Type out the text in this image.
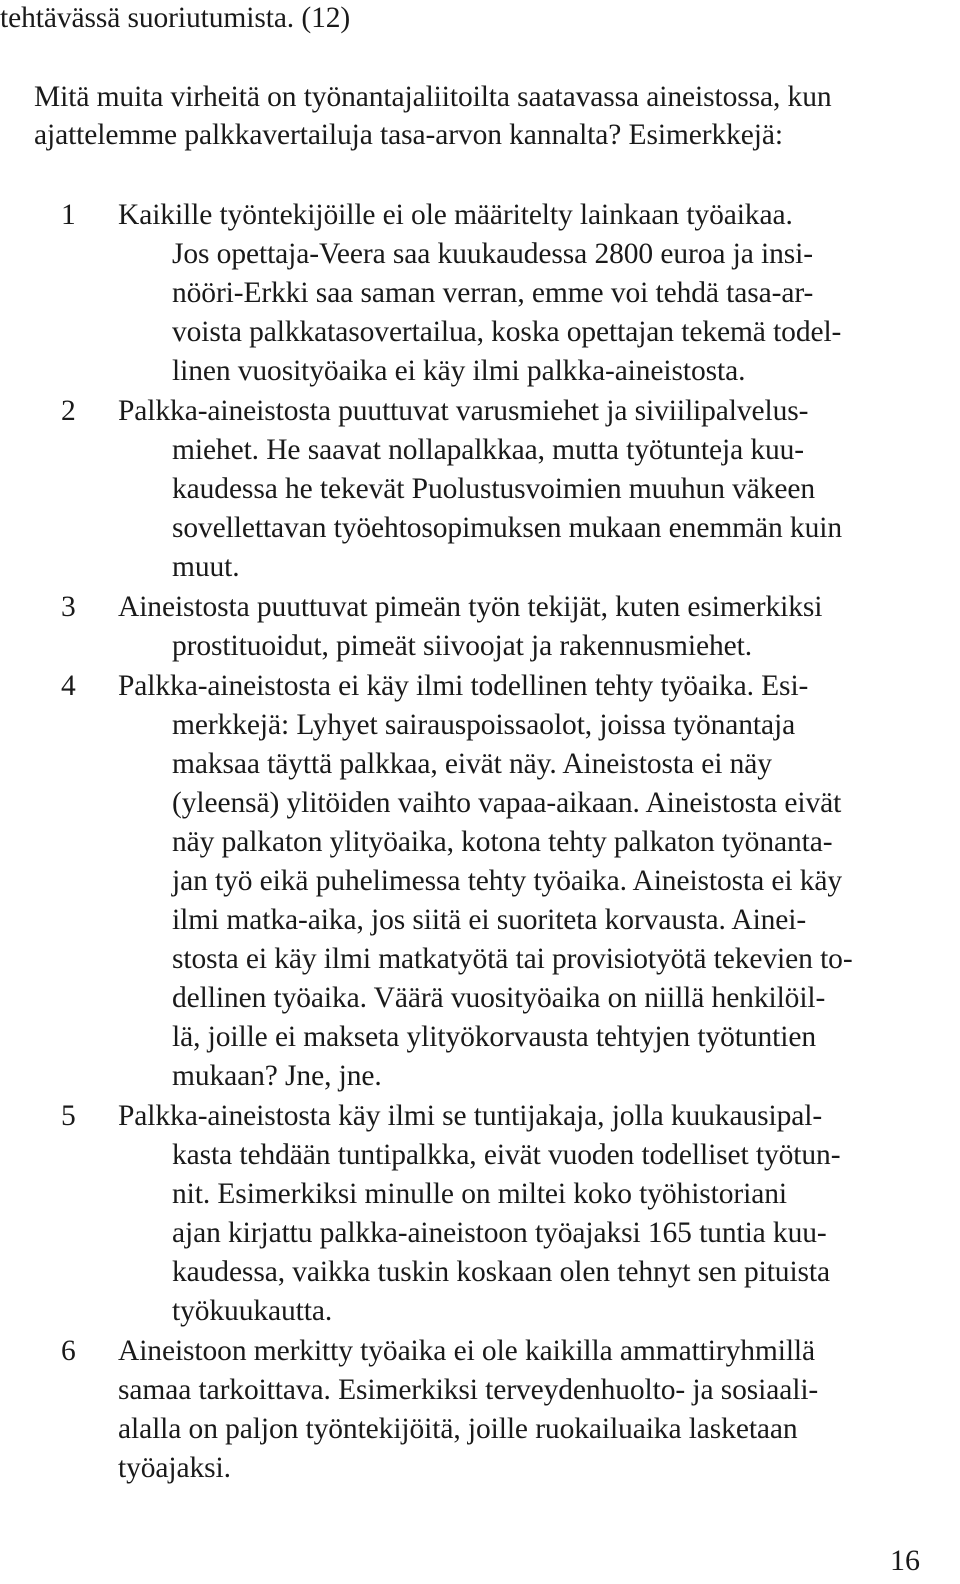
tehtävässä suoriutumista. (12)
Mitä muita virheitä on työnantajaliitoilta saatavassa aineistossa, kun
ajattelemme palkkavertailuja tasa-arvon kannalta? Esimerkkejä:
1 Kaikille työntekijöille ei ole määritelty lainkaan työaikaa.
Jos opettaja-Veera saa kuukaudessa 2800 euroa ja insi-
nööri-Erkki saa saman verran, emme voi tehdä tasa-ar-
voista palkkatasovertailua, koska opettajan tekemä todel-
linen vuosityöaika ei käy ilmi palkka-aineistosta.
2 Palkka-aineistosta puuttuvat varusmiehet ja siviilipalvelus-
miehet. He saavat nollapalkkaa, mutta työtunteja kuu-
kaudessa he tekevät Puolustusvoimien muuhun väkeen
sovellettavan työehtosopimuksen mukaan enemmän kuin
muut.
3 Aineistosta puuttuvat pimeän työn tekijät, kuten esimerkiksi
prostituoidut, pimeät siivoojat ja rakennusmiehet.
4 Palkka-aineistosta ei käy ilmi todellinen tehty työaika. Esi-
merkkejä: Lyhyet sairauspoissaolot, joissa työnantaja
maksaa täyttä palkkaa, eivät näy. Aineistosta ei näy
(yleensä) ylitöiden vaihto vapaa-aikaan. Aineistosta eivät
näy palkaton ylityöaika, kotona tehty palkaton työnanta-
jan työ eikä puhelimessa tehty työaika. Aineistosta ei käy
ilmi matka-aika, jos siitä ei suoriteta korvausta. Ainei-
stosta ei käy ilmi matkatyötä tai provisiotyötä tekevien to-
dellinen työaika. Väärä vuosityöaika on niillä henkilöil-
lä, joille ei makseta ylityökorvausta tehtyjen työtuntien
mukaan? Jne, jne.
5 Palkka-aineistosta käy ilmi se tuntijakaja, jolla kuukausipal-
kasta tehdään tuntipalkka, eivät vuoden todelliset työtun-
nit. Esimerkiksi minulle on miltei koko työhistoriani
ajan kirjattu palkka-aineistoon työajaksi 165 tuntia kuu-
kaudessa, vaikka tuskin koskaan olen tehnyt sen pituista
työkuukautta.
6 Aineistoon merkitty työaika ei ole kaikilla ammattiryhmillä
samaa tarkoittava. Esimerkiksi terveydenhuolto- ja sosiaali-
alalla on paljon työntekijöitä, joille ruokailuaika lasketaan
työajaksi.
16
